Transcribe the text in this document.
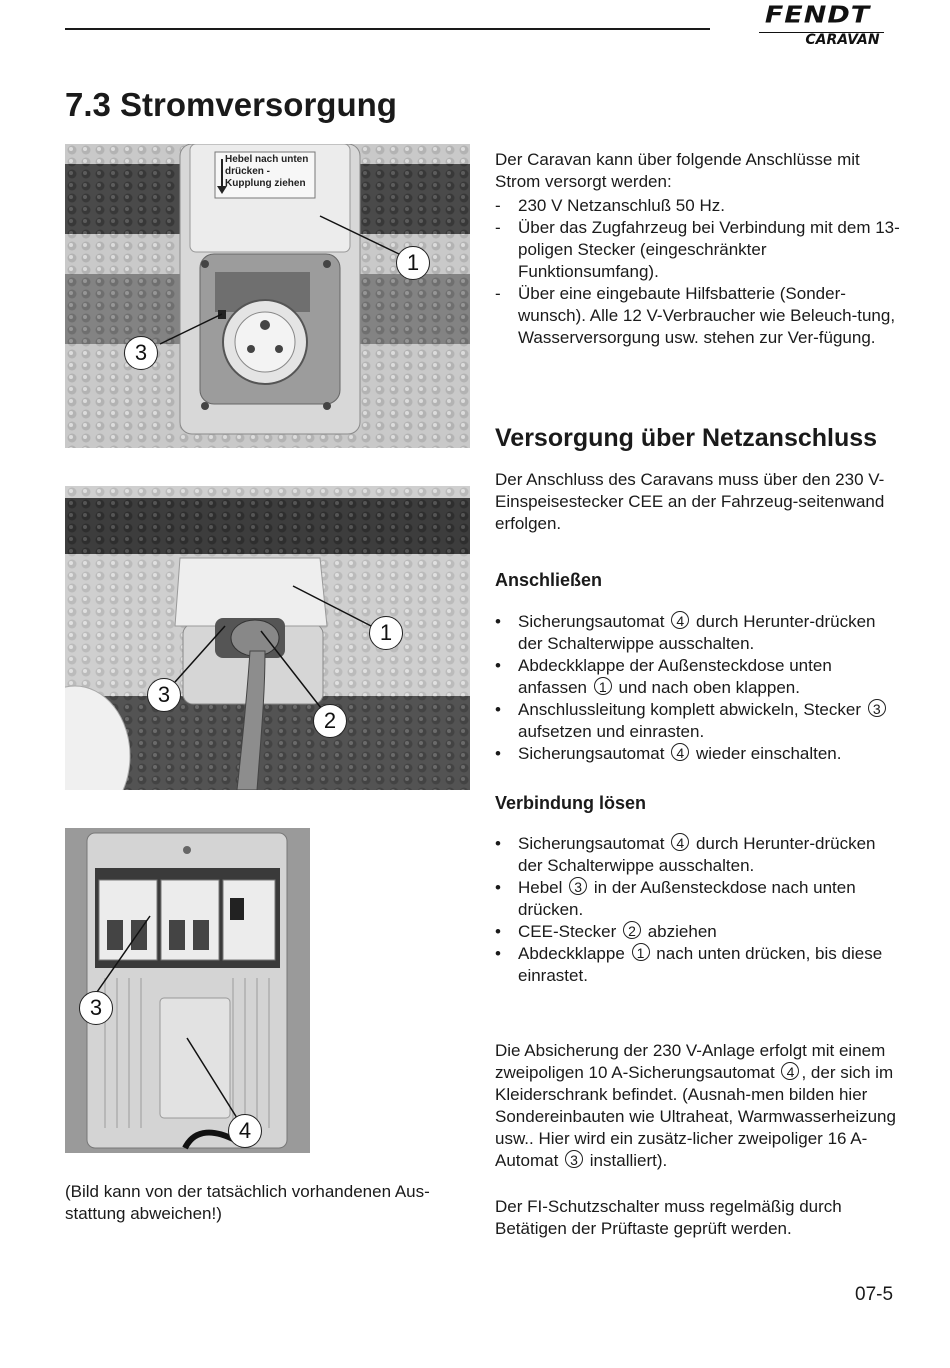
FENDT
CARAVAN
7.3 Stromversorgung
Hebel nach unten drücken - Kupplung ziehen
1
3
1
2
3
3
4

(Bild kann von der tatsächlich vorhandenen Aus-stattung abweichen!)

Der Caravan kann über folgende Anschlüsse mit Strom versorgt werden:

- 230 V Netzanschluß 50 Hz.
- Über das Zugfahrzeug bei Verbindung mit dem 13-poligen Stecker (eingeschränkter Funktionsumfang).
- Über eine eingebaute Hilfsbatterie (Sonder-wunsch). Alle 12 V-Verbraucher wie Beleuch-tung, Wasserversorgung usw. stehen zur Ver-fügung.
Versorgung über Netzanschluss

Der Anschluss des Caravans muss über den 230 V-Einspeisestecker CEE an der Fahrzeug-seitenwand erfolgen.

Anschließen
• Sicherungsautomat 4 durch Herunter-drücken der Schalterwippe ausschalten.
• Abdeckklappe der Außensteckdose unten anfassen 1 und nach oben klappen.
• Anschlussleitung komplett abwickeln, Stecker 3 aufsetzen und einrasten.
• Sicherungsautomat 4 wieder einschalten.
Verbindung lösen
• Sicherungsautomat 4 durch Herunter-drücken der Schalterwippe ausschalten.
• Hebel 3 in der Außensteckdose nach unten drücken.
• CEE-Stecker 2 abziehen
• Abdeckklappe 1 nach unten drücken, bis diese einrastet.

Die Absicherung der 230 V-Anlage erfolgt mit einem zweipoligen 10 A-Sicherungsautomat 4 , der sich im Kleiderschrank befindet. (Ausnah-men bilden hier Sondereinbauten wie Ultraheat, Warmwasserheizung usw.. Hier wird ein zusätz-licher zweipoliger 16 A-Automat 3 installiert).

Der FI-Schutzschalter muss regelmäßig durch Betätigen der Prüftaste geprüft werden.

07-5
